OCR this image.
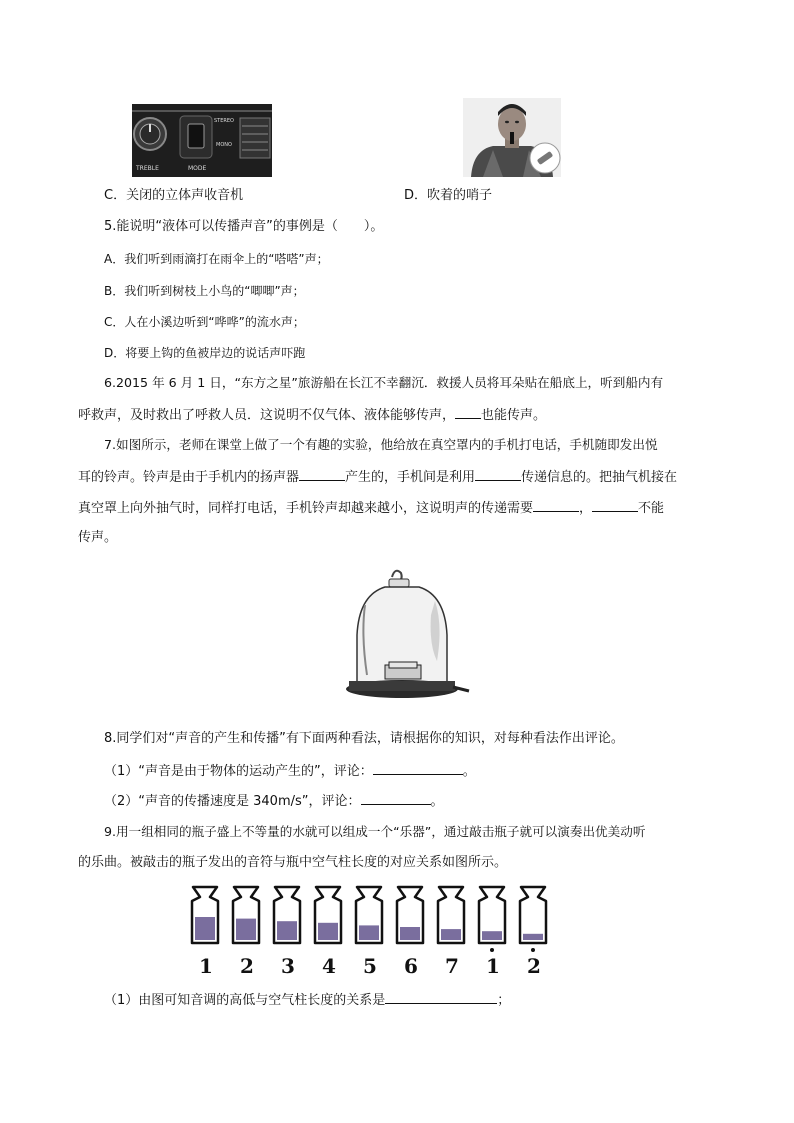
TREBLE	MODE
STEREO
MONO
C．关闭的立体声收音机	D．吹着的哨子
5.能说明“液体可以传播声音”的事例是（　　）。
A．我们听到雨滴打在雨伞上的“嗒嗒”声；
B．我们听到树枝上小鸟的“唧唧”声；
C．人在小溪边听到“哗哗”的流水声；
D．将要上钩的鱼被岸边的说话声吓跑
6.2015 年 6 月 1 日，“东方之星”旅游船在长江不幸翻沉．救援人员将耳朵贴在船底上，听到船内有
呼救声，及时救出了呼救人员．这说明不仅气体、液体能够传声， 也能传声。
7.如图所示，老师在课堂上做了一个有趣的实验，他给放在真空罩内的手机打电话，手机随即发出悦
耳的铃声。铃声是由于手机内的扬声器	产生的，手机间是利用	传递信息的。把抽气机接在
真空罩上向外抽气时，同样打电话，手机铃声却越来越小，这说明声的传递需要	，	不能
传声。
8.同学们对“声音的产生和传播”有下面两种看法，请根据你的知识，对每种看法作出评论。
（1）“声音是由于物体的运动产生的”，评论：	。
（2）“声音的传播速度是 340m/s”，评论：	。
9.用一组相同的瓶子盛上不等量的水就可以组成一个“乐器”，通过敲击瓶子就可以演奏出优美动听
的乐曲。被敲击的瓶子发出的音符与瓶中空气柱长度的对应关系如图所示。
1 2 3 4 5 6 7 1 2
（1）由图可知音调的高低与空气柱长度的关系是	；
